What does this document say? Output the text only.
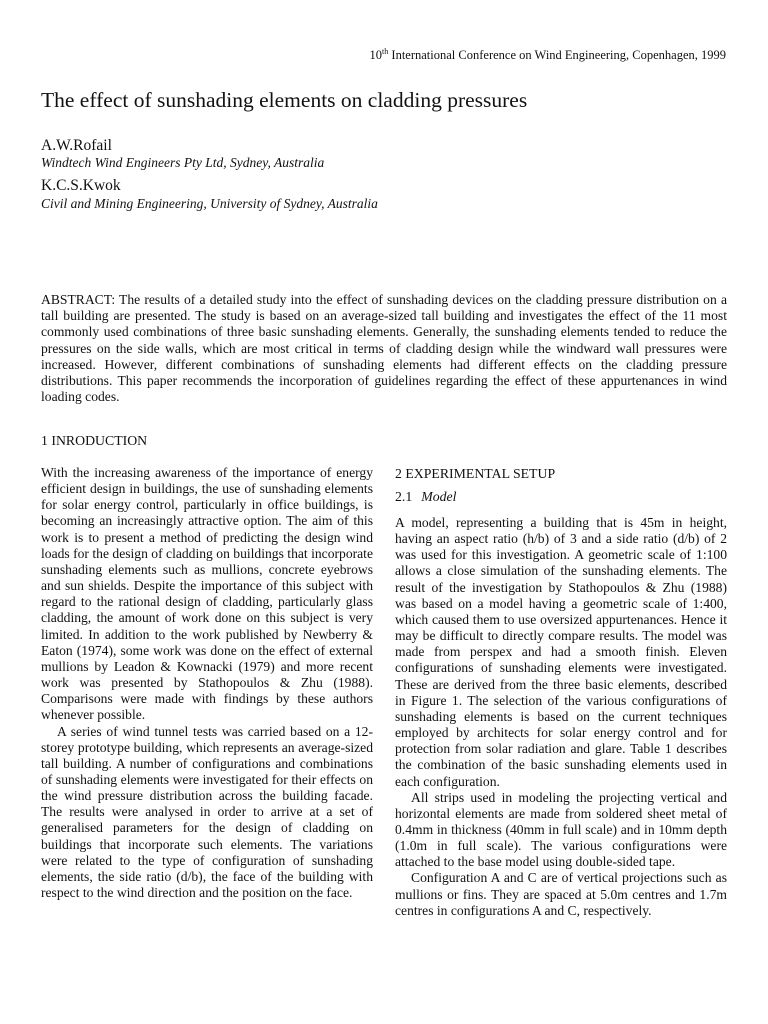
10th International Conference on Wind Engineering, Copenhagen, 1999
The effect of sunshading elements on cladding pressures
A.W.Rofail
Windtech Wind Engineers Pty Ltd, Sydney, Australia
K.C.S.Kwok
Civil and Mining Engineering, University of Sydney, Australia
ABSTRACT: The results of a detailed study into the effect of sunshading devices on the cladding pressure distribution on a tall building are presented. The study is based on an average-sized tall building and investigates the effect of the 11 most commonly used combinations of three basic sunshading elements. Generally, the sunshading elements tended to reduce the pressures on the side walls, which are most critical in terms of cladding design while the windward wall pressures were increased. However, different combinations of sunshading elements had different effects on the cladding pressure distributions. This paper recommends the incorporation of guidelines regarding the effect of these appurtenances in wind loading codes.
1 INRODUCTION

With the increasing awareness of the importance of energy efficient design in buildings, the use of sunshading elements for solar energy control, particularly in office buildings, is becoming an increasingly attractive option. The aim of this work is to present a method of predicting the design wind loads for the design of cladding on buildings that incorporate sunshading elements such as mullions, concrete eyebrows and sun shields. Despite the importance of this subject with regard to the rational design of cladding, particularly glass cladding, the amount of work done on this subject is very limited. In addition to the work published by Newberry & Eaton (1974), some work was done on the effect of external mullions by Leadon & Kownacki (1979) and more recent work was presented by Stathopoulos & Zhu (1988). Comparisons were made with findings by these authors whenever possible.

A series of wind tunnel tests was carried based on a 12-storey prototype building, which represents an average-sized tall building. A number of configurations and combinations of sunshading elements were investigated for their effects on the wind pressure distribution across the building facade. The results were analysed in order to arrive at a set of generalised parameters for the design of cladding on buildings that incorporate such elements. The variations were related to the type of configuration of sunshading elements, the side ratio (d/b), the face of the building with respect to the wind direction and the position on the face.

2 EXPERIMENTAL SETUP
2.1 Model

A model, representing a building that is 45m in height, having an aspect ratio (h/b) of 3 and a side ratio (d/b) of 2 was used for this investigation. A geometric scale of 1:100 allows a close simulation of the sunshading elements. The result of the investigation by Stathopoulos & Zhu (1988) was based on a model having a geometric scale of 1:400, which caused them to use oversized appurtenances. Hence it may be difficult to directly compare results. The model was made from perspex and had a smooth finish. Eleven configurations of sunshading elements were investigated. These are derived from the three basic elements, described in Figure 1. The selection of the various configurations of sunshading elements is based on the current techniques employed by architects for solar energy control and for protection from solar radiation and glare. Table 1 describes the combination of the basic sunshading elements used in each configuration.

All strips used in modeling the projecting vertical and horizontal elements are made from soldered sheet metal of 0.4mm in thickness (40mm in full scale) and in 10mm depth (1.0m in full scale). The various configurations were attached to the base model using double-sided tape.

Configuration A and C are of vertical projections such as mullions or fins. They are spaced at 5.0m centres and 1.7m centres in configurations A and C, respectively.
